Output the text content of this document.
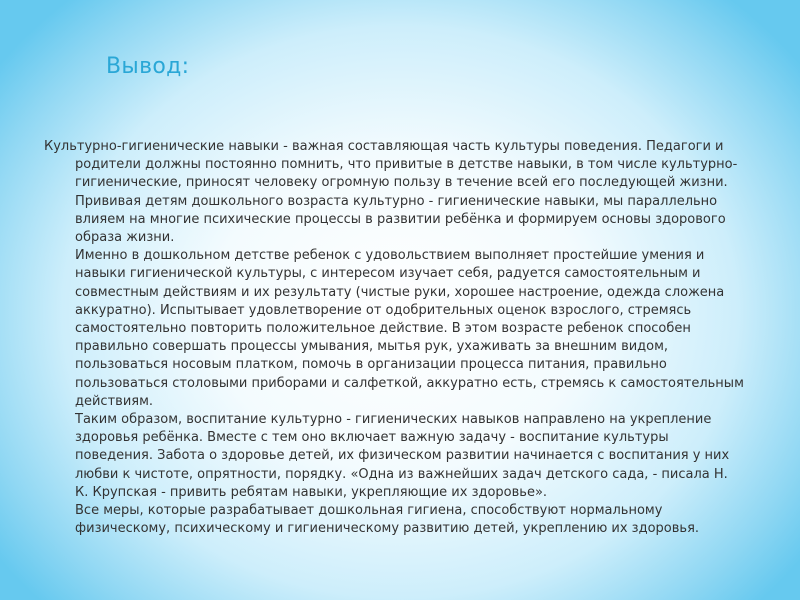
Вывод:

Культурно-гигиенические навыки - важная составляющая часть культуры поведения. Педагоги и родители должны постоянно помнить, что привитые в детстве навыки, в том числе культурно-гигиенические, приносят человеку огромную пользу в течение всей его последующей жизни. Прививая детям дошкольного возраста культурно - гигиенические навыки, мы параллельно влияем на многие психические процессы в развитии ребёнка и формируем основы здорового образа жизни.

Именно в дошкольном детстве ребенок с удовольствием выполняет простейшие умения и навыки гигиенической культуры, с интересом изучает себя, радуется самостоятельным и совместным действиям и их результату (чистые руки, хорошее настроение, одежда сложена аккуратно). Испытывает удовлетворение от одобрительных оценок взрослого, стремясь самостоятельно повторить положительное действие. В этом возрасте ребенок способен правильно совершать процессы умывания, мытья рук, ухаживать за внешним видом, пользоваться носовым платком, помочь в организации процесса питания, правильно пользоваться столовыми приборами и салфеткой, аккуратно есть, стремясь к самостоятельным действиям.

Таким образом, воспитание культурно - гигиенических навыков направлено на укрепление здоровья ребёнка. Вместе с тем оно включает важную задачу - воспитание культуры поведения. Забота о здоровье детей, их физическом развитии начинается с воспитания у них любви к чистоте, опрятности, порядку. «Одна из важнейших задач детского сада, - писала Н. К. Крупская - привить ребятам навыки, укрепляющие их здоровье».

Все меры, которые разрабатывает дошкольная гигиена, способствуют нормальному физическому, психическому и гигиеническому развитию детей, укреплению их здоровья.
